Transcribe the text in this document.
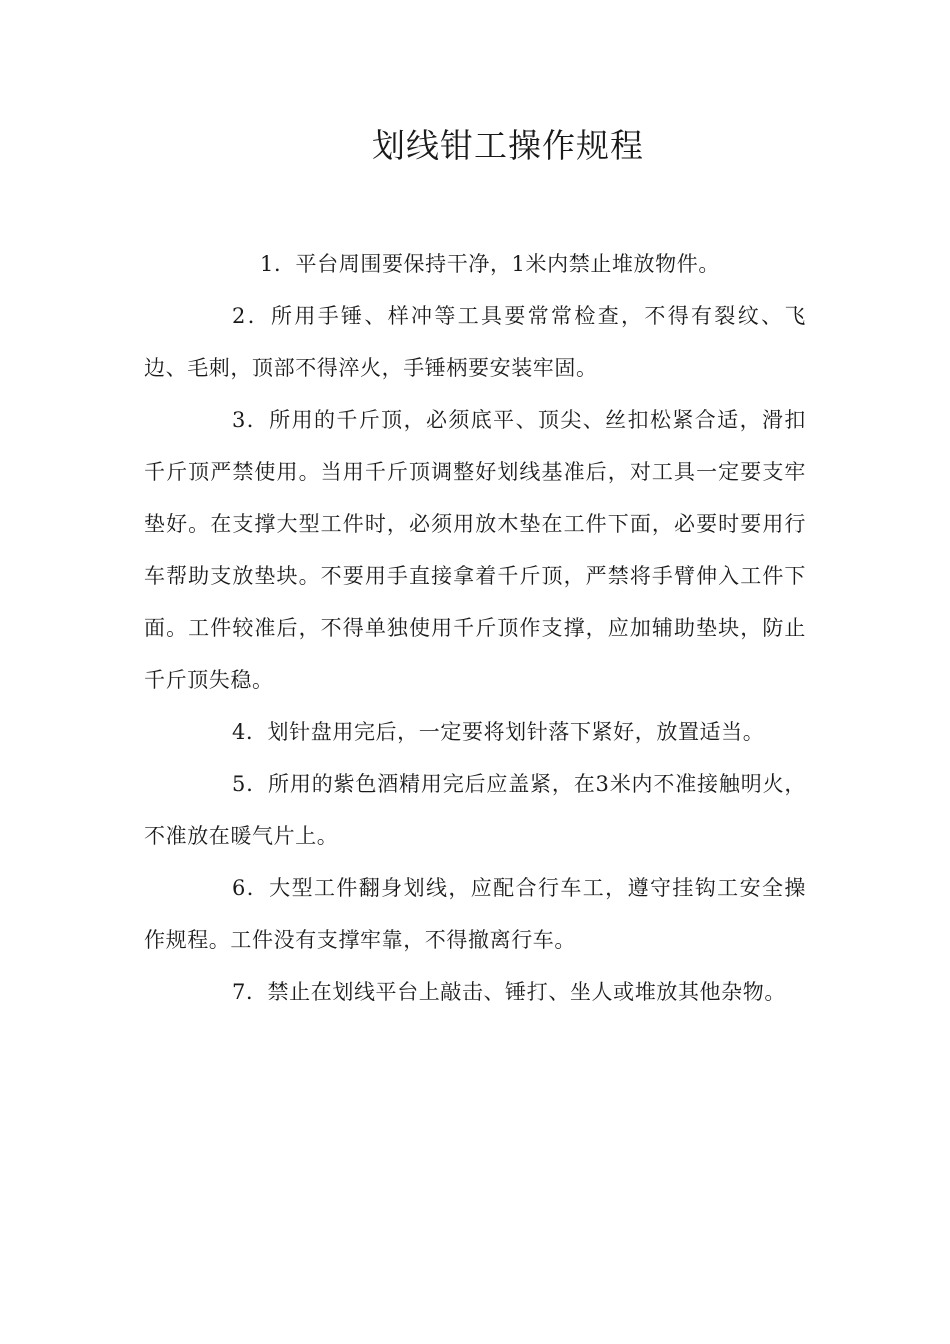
划线钳工操作规程

1．平台周围要保持干净，1米内禁止堆放物件。

2．所用手锤、样冲等工具要常常检查，不得有裂纹、飞边、毛刺，顶部不得淬火，手锤柄要安装牢固。

3．所用的千斤顶，必须底平、顶尖、丝扣松紧合适，滑扣千斤顶严禁使用。当用千斤顶调整好划线基准后，对工具一定要支牢垫好。在支撑大型工件时，必须用放木垫在工件下面，必要时要用行车帮助支放垫块。不要用手直接拿着千斤顶，严禁将手臂伸入工件下面。工件较准后，不得单独使用千斤顶作支撑，应加辅助垫块，防止千斤顶失稳。

4．划针盘用完后，一定要将划针落下紧好，放置适当。

5．所用的紫色酒精用完后应盖紧，在3米内不准接触明火，不准放在暖气片上。

6．大型工件翻身划线，应配合行车工，遵守挂钩工安全操作规程。工件没有支撑牢靠，不得撤离行车。

7．禁止在划线平台上敲击、锤打、坐人或堆放其他杂物。
